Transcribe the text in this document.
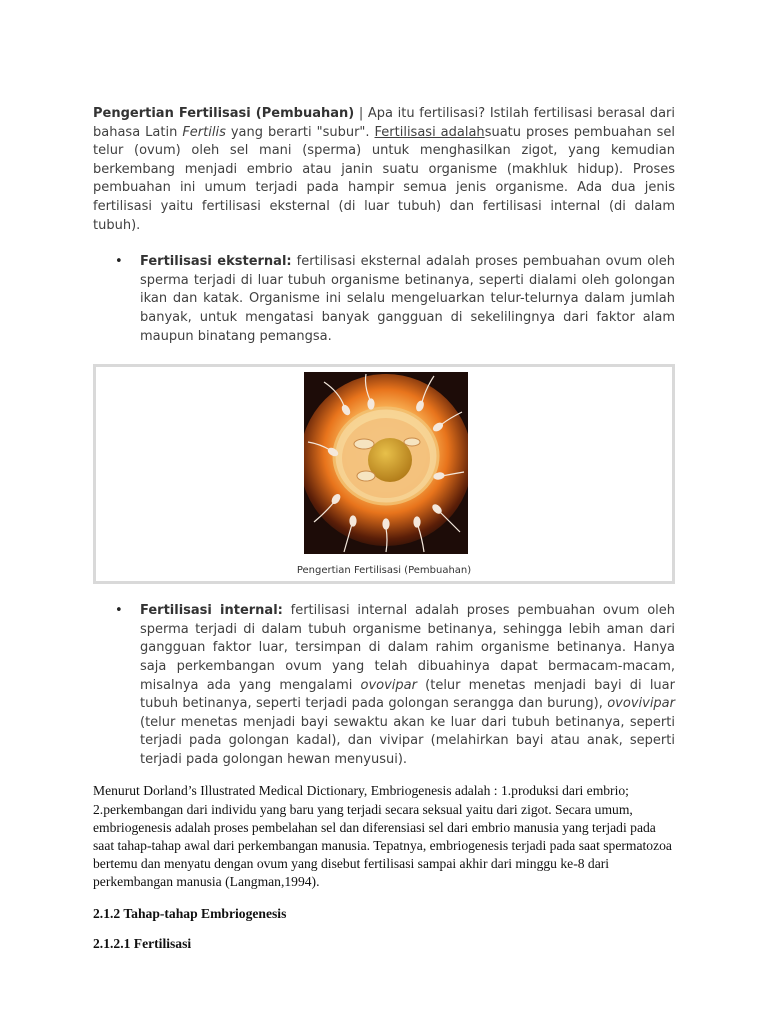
Pengertian Fertilisasi (Pembuahan) | Apa itu fertilisasi? Istilah fertilisasi berasal dari bahasa Latin Fertilis yang berarti "subur". Fertilisasi adalahsuatu proses pembuahan sel telur (ovum) oleh sel mani (sperma) untuk menghasilkan zigot, yang kemudian berkembang menjadi embrio atau janin suatu organisme (makhluk hidup). Proses pembuahan ini umum terjadi pada hampir semua jenis organisme. Ada dua jenis fertilisasi yaitu fertilisasi eksternal (di luar tubuh) dan fertilisasi internal (di dalam tubuh).

• Fertilisasi eksternal: fertilisasi eksternal adalah proses pembuahan ovum oleh sperma terjadi di luar tubuh organisme betinanya, seperti dialami oleh golongan ikan dan katak. Organisme ini selalu mengeluarkan telur-telurnya dalam jumlah banyak, untuk mengatasi banyak gangguan di sekelilingnya dari faktor alam maupun binatang pemangsa.
Pengertian Fertilisasi (Pembuahan)
• Fertilisasi internal: fertilisasi internal adalah proses pembuahan ovum oleh sperma terjadi di dalam tubuh organisme betinanya, sehingga lebih aman dari gangguan faktor luar, tersimpan di dalam rahim organisme betinanya. Hanya saja perkembangan ovum yang telah dibuahinya dapat bermacam-macam, misalnya ada yang mengalami ovovipar (telur menetas menjadi bayi di luar tubuh betinanya, seperti terjadi pada golongan serangga dan burung), ovovivipar (telur menetas menjadi bayi sewaktu akan ke luar dari tubuh betinanya, seperti terjadi pada golongan kadal), dan vivipar (melahirkan bayi atau anak, seperti terjadi pada golongan hewan menyusui).

Menurut Dorland’s Illustrated Medical Dictionary, Embriogenesis adalah : 1.produksi dari embrio; 2.perkembangan dari individu yang baru yang terjadi secara seksual yaitu dari zigot. Secara umum, embriogenesis adalah proses pembelahan sel dan diferensiasi sel dari embrio manusia yang terjadi pada saat tahap-tahap awal dari perkembangan manusia. Tepatnya, embriogenesis terjadi pada saat spermatozoa bertemu dan menyatu dengan ovum yang disebut fertilisasi sampai akhir dari minggu ke-8 dari perkembangan manusia (Langman,1994).

2.1.2 Tahap-tahap Embriogenesis
2.1.2.1 Fertilisasi
